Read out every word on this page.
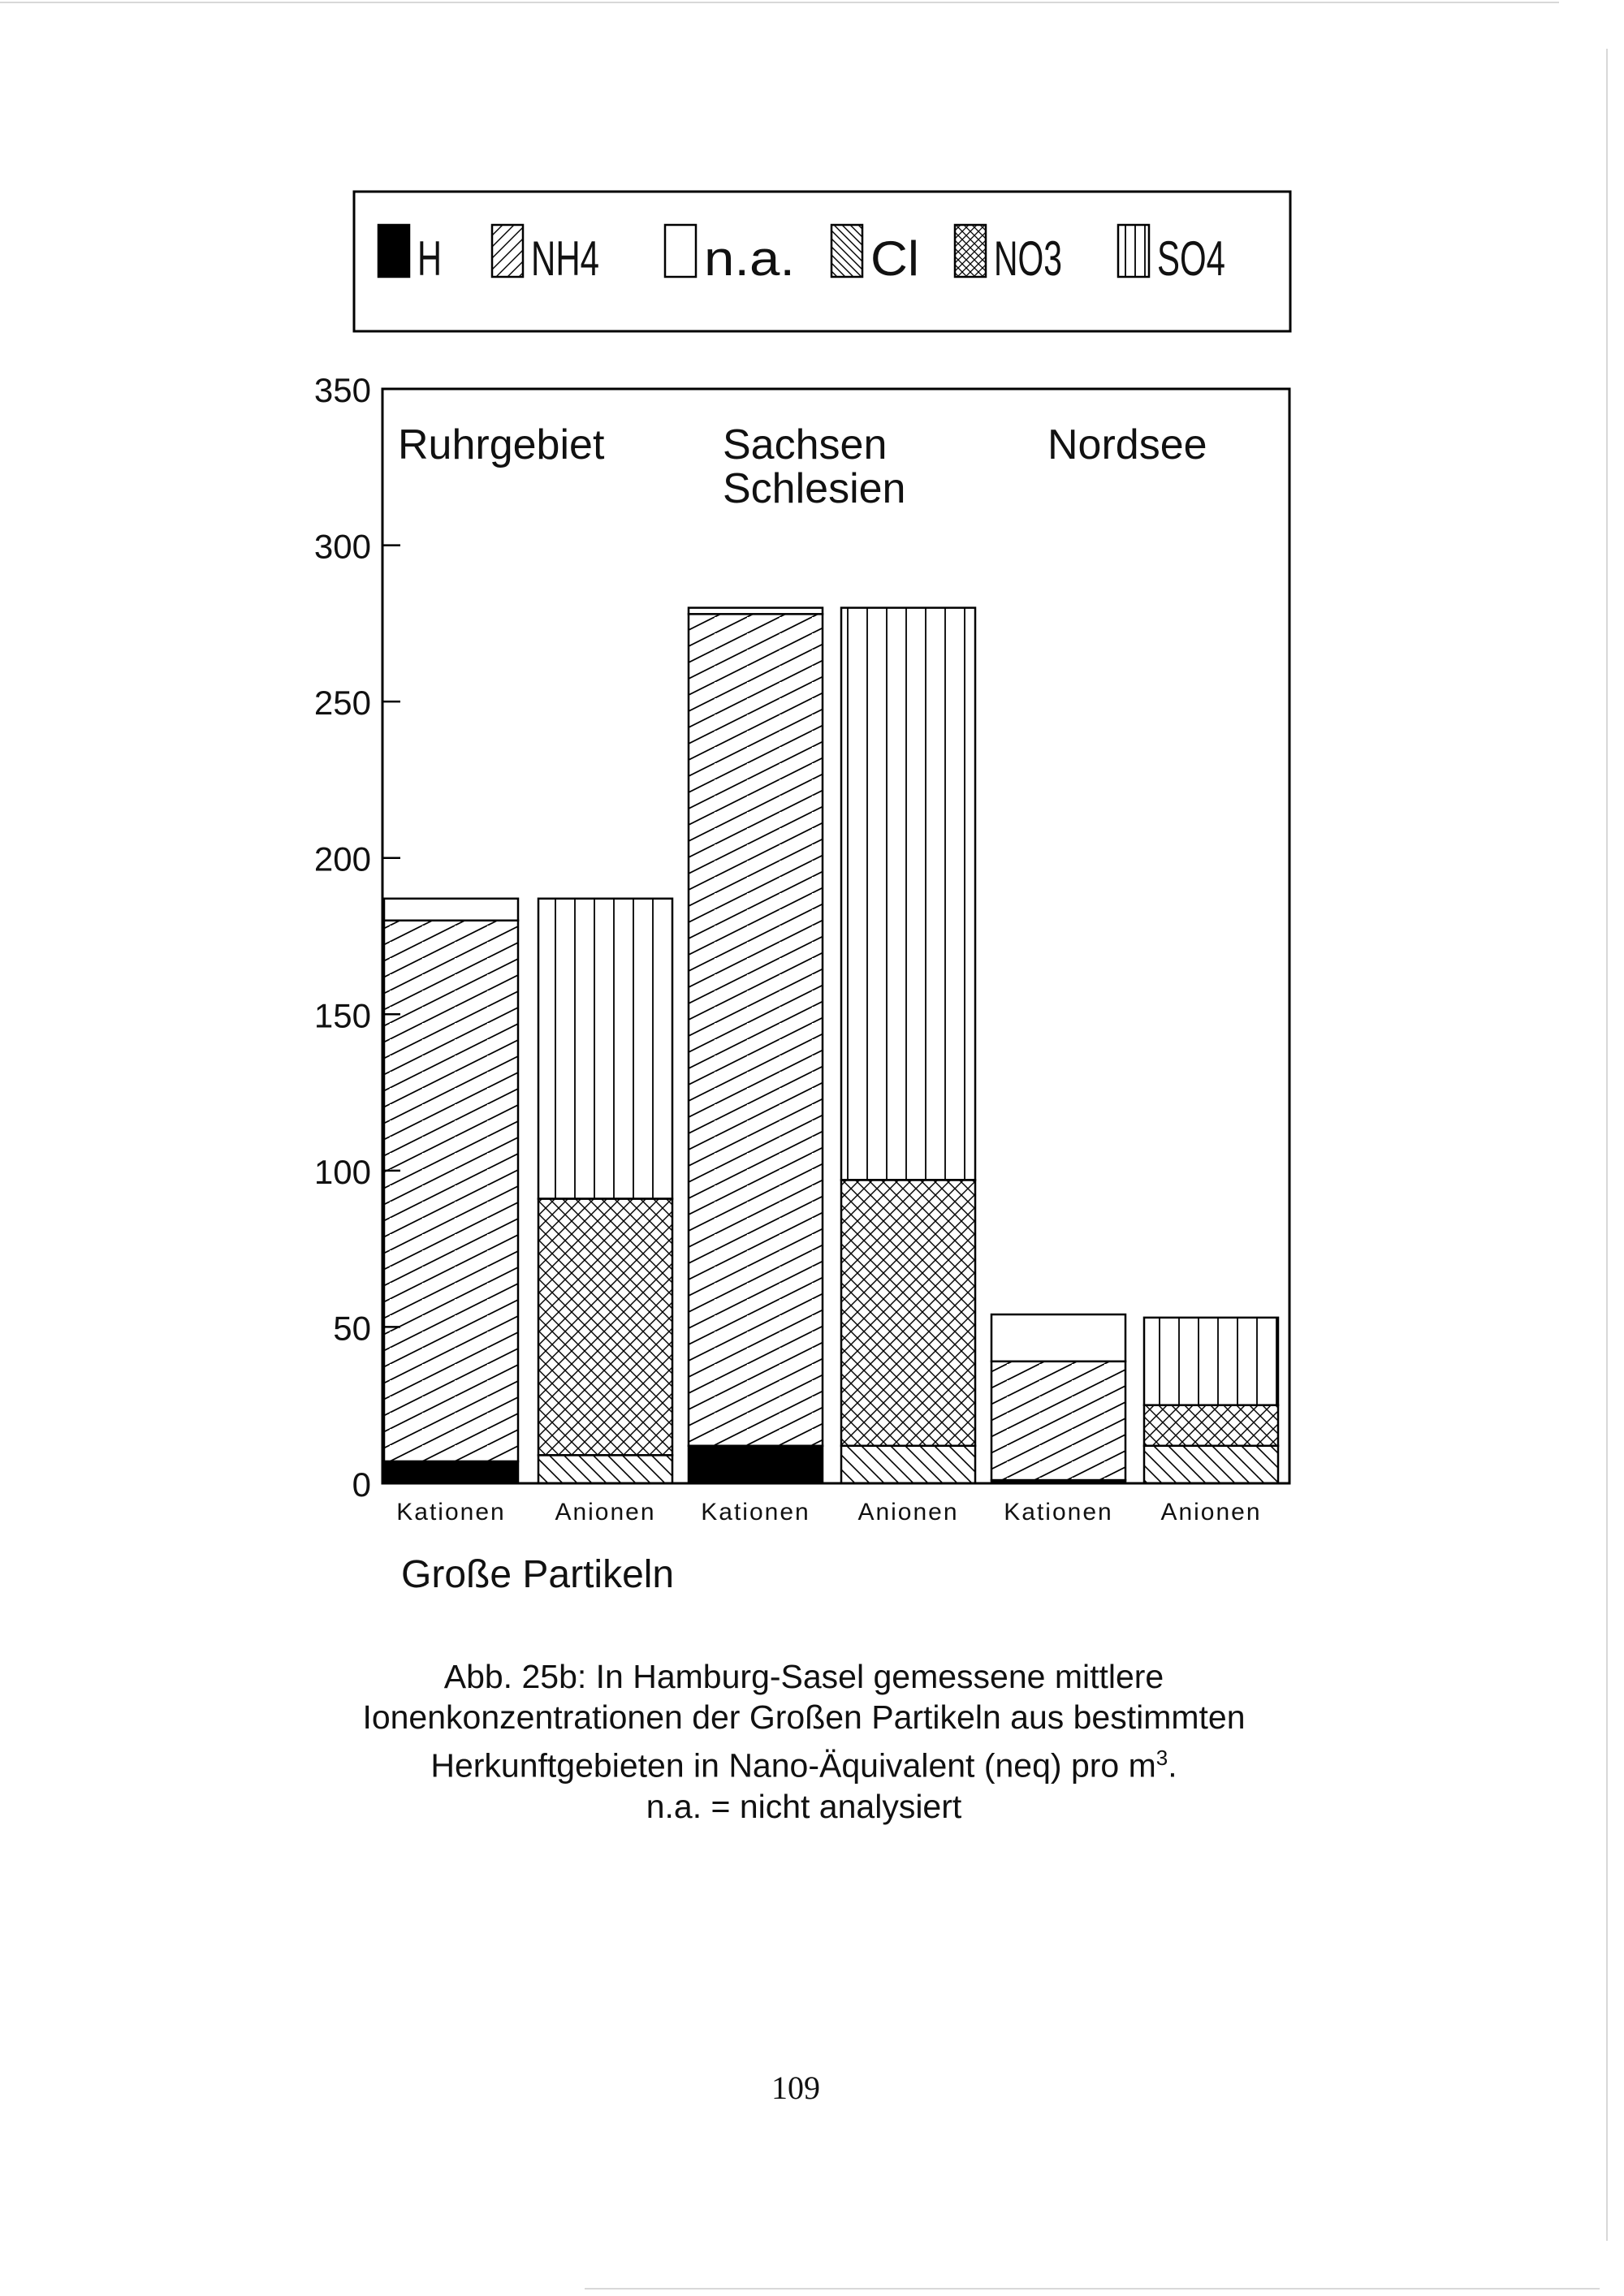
H NH4 n.a. Cl NO3 SO4
Ruhrgebiet	Sachsen Schlesien
Nordsee
0
50
100
150
200
250
300
350
Kationen Anionen Kationen Anionen Kationen Anionen
Große Partikeln
Abb. 25b: In Hamburg-Sasel gemessene mittlere
Ionenkonzentrationen der Großen Partikeln aus bestimmten
Herkunftgebieten in Nano-Äquivalent (neq) pro $m^3$.
n.a. = nicht analysiert
109
